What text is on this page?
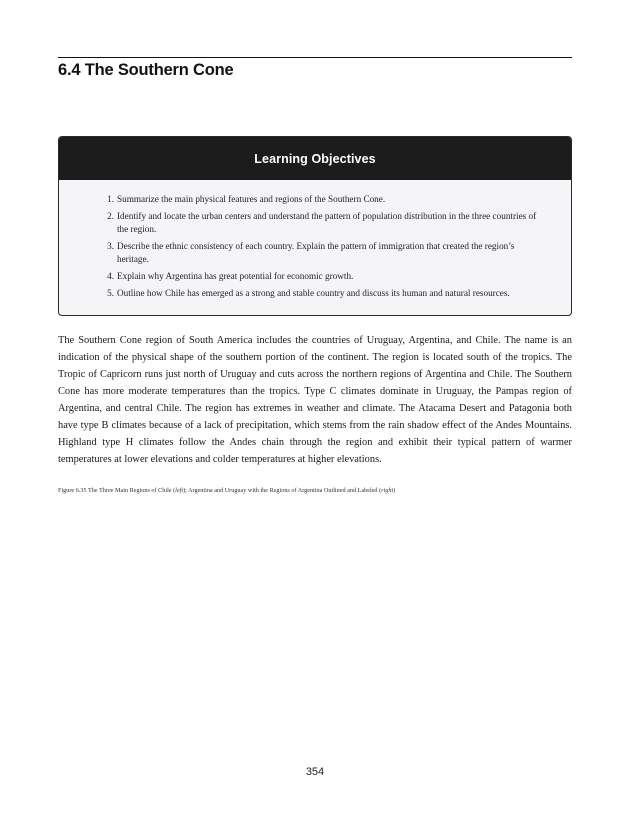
6.4 The Southern Cone
Learning Objectives
1. Summarize the main physical features and regions of the Southern Cone.
2. Identify and locate the urban centers and understand the pattern of population distribution in the three countries of the region.
3. Describe the ethnic consistency of each country. Explain the pattern of immigration that created the region’s heritage.
4. Explain why Argentina has great potential for economic growth.
5. Outline how Chile has emerged as a strong and stable country and discuss its human and natural resources.

The Southern Cone region of South America includes the countries of Uruguay, Argentina, and Chile. The name is an indication of the physical shape of the southern portion of the continent. The region is located south of the tropics. The Tropic of Capricorn runs just north of Uruguay and cuts across the northern regions of Argentina and Chile. The Southern Cone has more moderate temperatures than the tropics. Type C climates dominate in Uruguay, the Pampas region of Argentina, and central Chile. The region has extremes in weather and climate. The Atacama Desert and Patagonia both have type B climates because of a lack of precipitation, which stems from the rain shadow effect of the Andes Mountains. Highland type H climates follow the Andes chain through the region and exhibit their typical pattern of warmer temperatures at lower elevations and colder temperatures at higher elevations.

Figure 6.35 The Three Main Regions of Chile (left); Argentina and Uruguay with the Regions of Argentina Outlined and Labeled (right)

354
